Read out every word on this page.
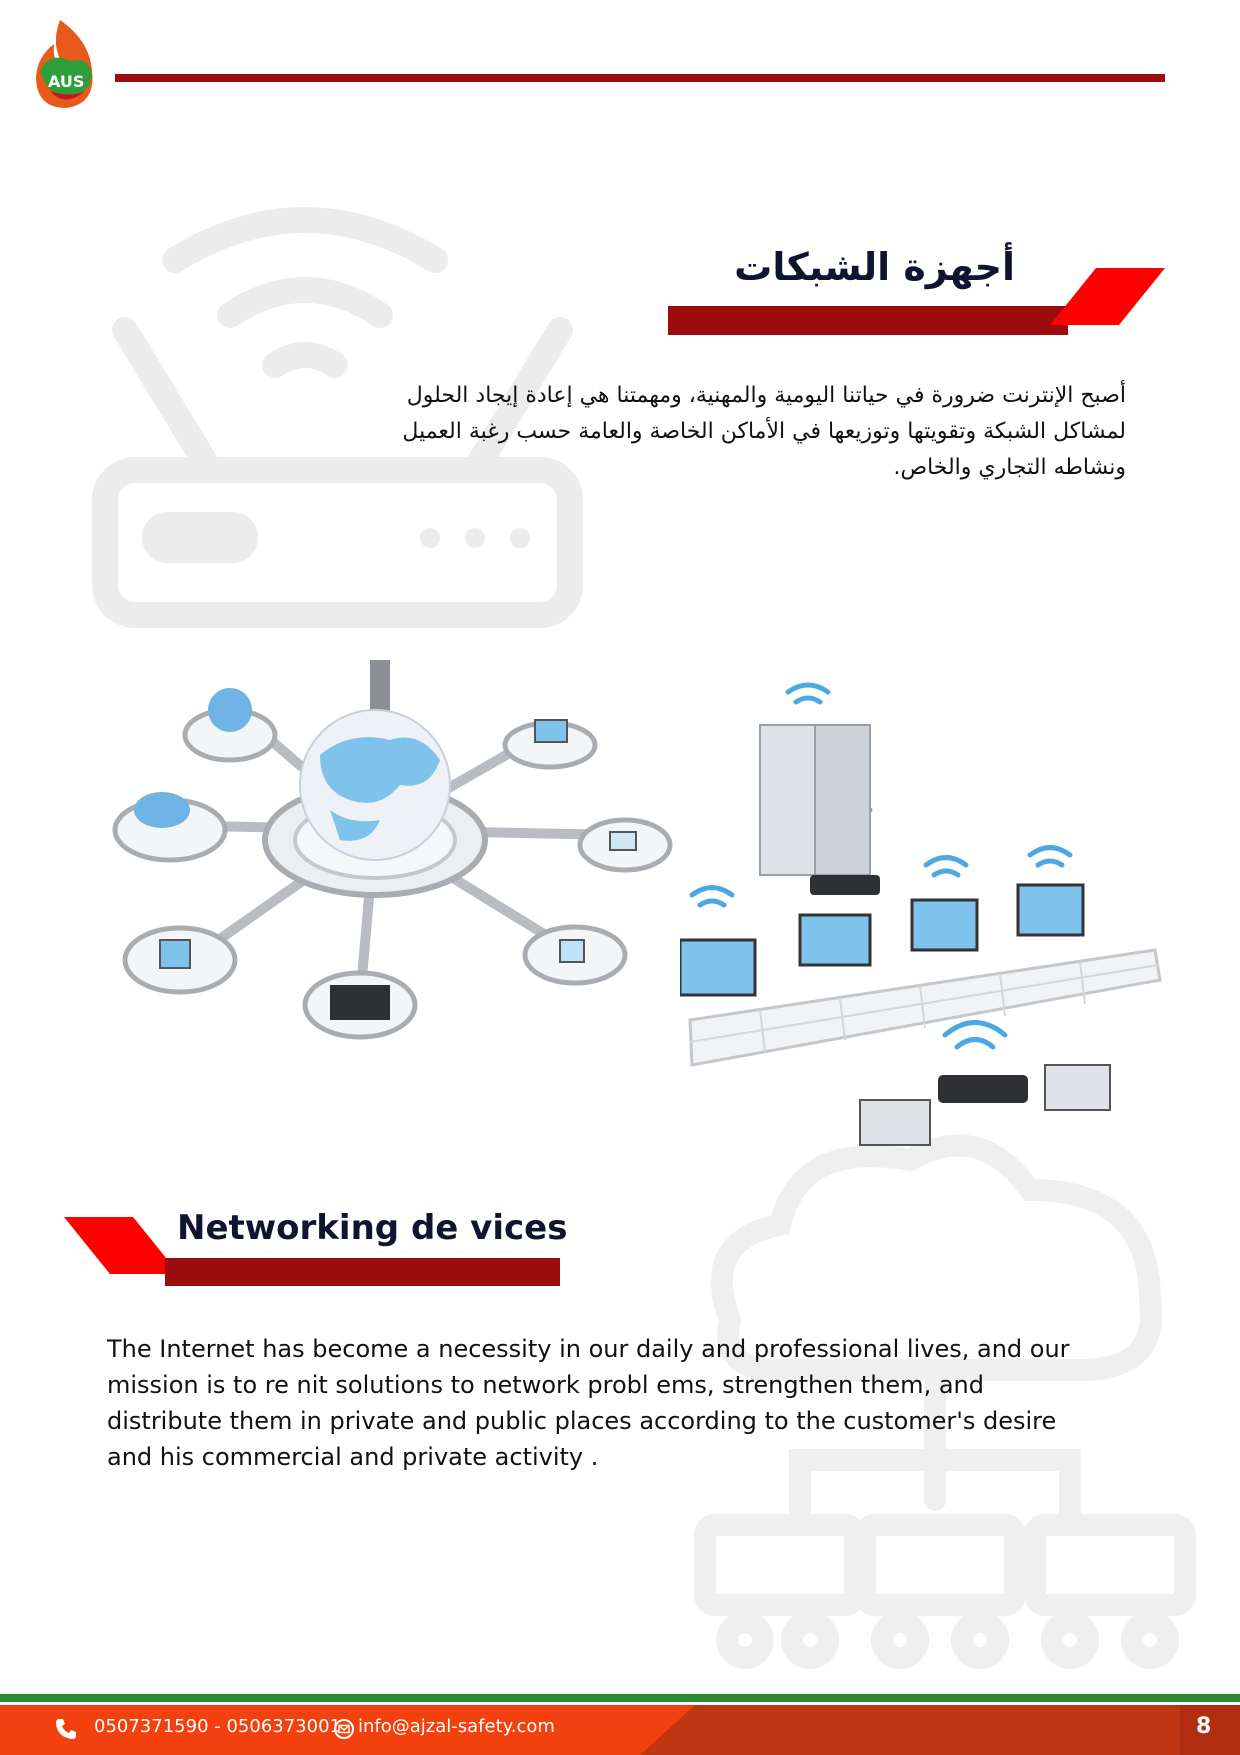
AUS
أجهزة الشبكات
أصبح الإنترنت ضرورة في حياتنا اليومية والمهنية، ومهمتنا هي إعادة إيجاد الحلول لمشاكل الشبكة وتقويتها وتوزيعها في الأماكن الخاصة والعامة حسب رغبة العميل ونشاطه التجاري والخاص.
Networking de vices
The Internet has become a necessity in our daily and professional lives, and our mission is to re nit solutions to network probl ems, strengthen them, and distribute them in private and public places according to the customer's desire and his commercial and private activity .
0507371590 - 0506373001 info@ajzal-safety.com	8
